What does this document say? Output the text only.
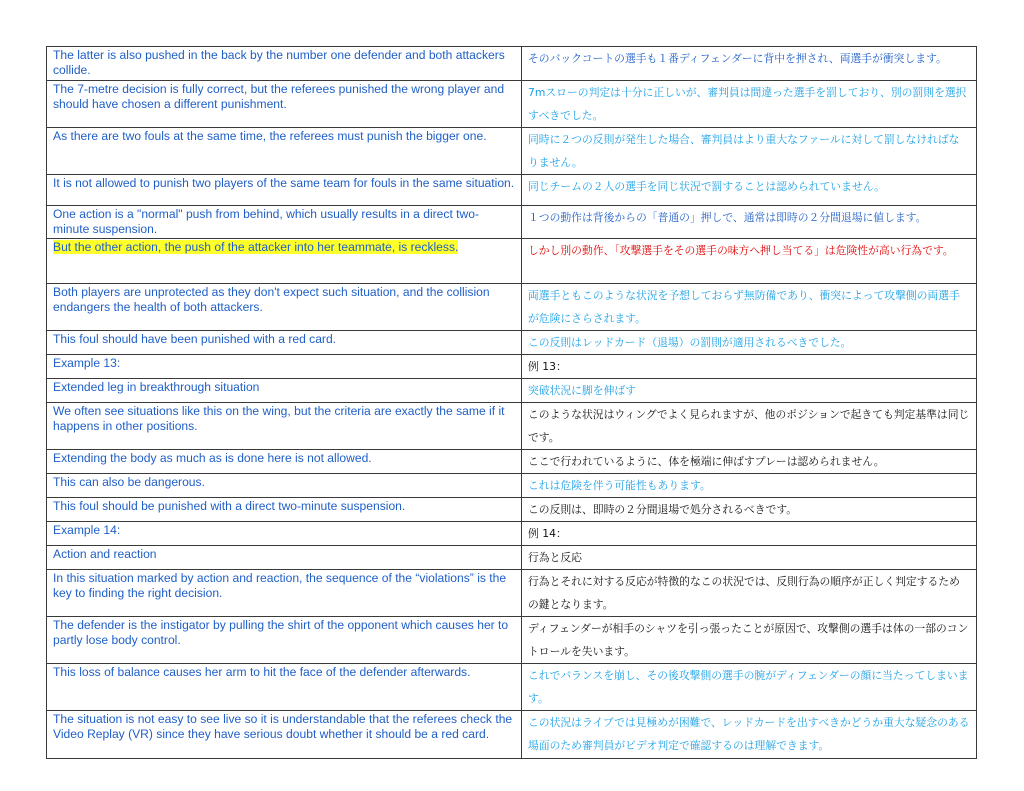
The latter is also pushed in the back by the number one defender and both attackers collide.	そのバックコートの選手も１番ディフェンダーに背中を押され、両選手が衝突します。
The 7-metre decision is fully correct, but the referees punished the wrong player and should have chosen a different punishment.	7mスローの判定は十分に正しいが、審判員は間違った選手を罰しており、別の罰則を選択すべきでした。
As there are two fouls at the same time, the referees must punish the bigger one.	同時に２つの反則が発生した場合、審判員はより重大なファールに対して罰しなければなりません。
It is not allowed to punish two players of the same team for fouls in the same situation.	同じチームの２人の選手を同じ状況で罰することは認められていません。
One action is a "normal" push from behind, which usually results in a direct two-minute suspension.	１つの動作は背後からの「普通の」押しで、通常は即時の２分間退場に値します。
But the other action, the push of the attacker into her teammate, is reckless.	しかし別の動作、「攻撃選手をその選手の味方へ押し当てる」は危険性が高い行為です。
Both players are unprotected as they don't expect such situation, and the collision endangers the health of both attackers.	両選手ともこのような状況を予想しておらず無防備であり、衝突によって攻撃側の両選手が危険にさらされます。
This foul should have been punished with a red card.	この反則はレッドカード（退場）の罰則が適用されるべきでした。
Example 13:	例 13：
Extended leg in breakthrough situation	突破状況に脚を伸ばす
We often see situations like this on the wing, but the criteria are exactly the same if it happens in other positions.	このような状況はウィングでよく見られますが、他のポジションで起きても判定基準は同じです。
Extending the body as much as is done here is not allowed.	ここで行われているように、体を極端に伸ばすプレーは認められません。
This can also be dangerous.	これは危険を伴う可能性もあります。
This foul should be punished with a direct two-minute suspension.	この反則は、即時の２分間退場で処分されるべきです。
Example 14:	例 14：
Action and reaction	行為と反応
In this situation marked by action and reaction, the sequence of the “violations” is the key to finding the right decision.	行為とそれに対する反応が特徴的なこの状況では、反則行為の順序が正しく判定するための鍵となります。
The defender is the instigator by pulling the shirt of the opponent which causes her to partly lose body control.	ディフェンダーが相手のシャツを引っ張ったことが原因で、攻撃側の選手は体の一部のコントロールを失います。
This loss of balance causes her arm to hit the face of the defender afterwards.	これでバランスを崩し、その後攻撃側の選手の腕がディフェンダーの顔に当たってしまいます。
The situation is not easy to see live so it is understandable that the referees check the Video Replay (VR) since they have serious doubt whether it should be a red card.	この状況はライブでは見極めが困難で、レッドカードを出すべきかどうか重大な疑念のある場面のため審判員がビデオ判定で確認するのは理解できます。
